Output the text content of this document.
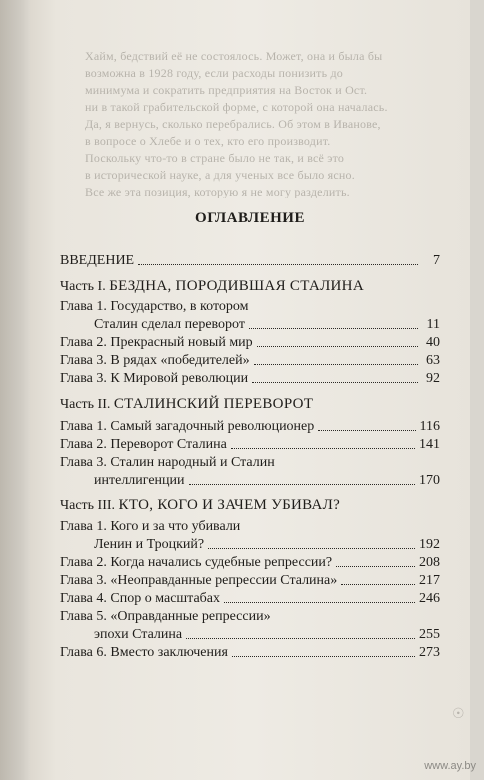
Хайм, бедствий её не состоялось. Может, она и была бы
возможна в 1928 году, если расходы понизить до
минимума и сократить предприятия на Восток и Ост.
ни в такой грабительской форме, с которой она началась.
Да, я вернусь, сколько перебрались. Об этом в Иванове,
в вопросе о Хлебе и о тех, кто его производит.
Поскольку что-то в стране было не так, и всё это
в исторической науке, а для ученых все было ясно.
Все же эта позиция, которую я не могу разделить.
ОГЛАВЛЕНИЕ
ВВЕДЕНИЕ	7
Часть I. БЕЗДНА, ПОРОДИВШАЯ СТАЛИНА
Глава 1. Государство, в котором
Сталин сделал переворот	11
Глава 2. Прекрасный новый мир	40
Глава 3. В рядах «победителей»	63
Глава 3. К Мировой революции	92
Часть II. СТАЛИНСКИЙ ПЕРЕВОРОТ
Глава 1. Самый загадочный революционер	116
Глава 2. Переворот Сталина	141
Глава 3. Сталин народный и Сталин
интеллигенции	170
Часть III. КТО, КОГО И ЗАЧЕМ УБИВАЛ?
Глава 1. Кого и за что убивали
Ленин и Троцкий?	192
Глава 2. Когда начались судебные репрессии?	208
Глава 3. «Неоправданные репрессии Сталина»	217
Глава 4. Спор о масштабах	246
Глава 5. «Оправданные репрессии»
эпохи Сталина	255
Глава 6. Вместо заключения	273
☉
www.ay.by
